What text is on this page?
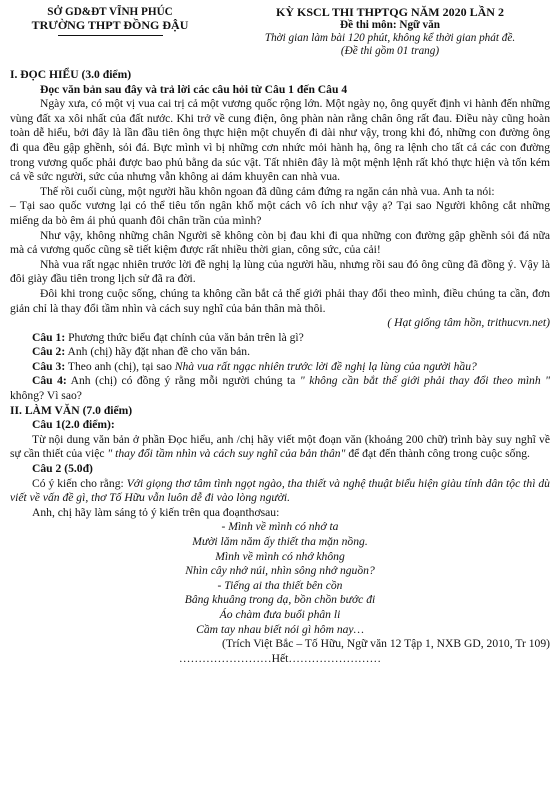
SỞ GD&ĐT VĨNH PHÚC
TRƯỜNG THPT ĐỒNG ĐẬU
KỲ KSCL THI THPTQG NĂM 2020 LẦN 2
Đề thi môn: Ngữ văn
Thời gian làm bài 120 phút, không kể thời gian phát đề.
(Đề thi gồm 01 trang)

I. ĐỌC HIỂU (3.0 điểm)

Đọc văn bản sau đây và trả lời các câu hỏi từ Câu 1 đến Câu 4

Ngày xưa, có một vị vua cai trị cả một vương quốc rộng lớn. Một ngày nọ, ông quyết định vi hành đến những vùng đất xa xôi nhất của đất nước. Khi trở về cung điện, ông phàn nàn rằng chân ông rất đau. Điều này cũng hoàn toàn dễ hiểu, bởi đây là lần đầu tiên ông thực hiện một chuyến đi dài như vậy, trong khi đó, những con đường ông đi qua đều gập ghềnh, sỏi đá. Bực mình vì bị những cơn nhức mỏi hành hạ, ông ra lệnh cho tất cả các con đường trong vương quốc phải được bao phủ bằng da súc vật. Tất nhiên đây là một mệnh lệnh rất khó thực hiện và tốn kém cả về sức người, sức của nhưng vẫn không ai dám khuyên can nhà vua.

Thế rồi cuối cùng, một người hầu khôn ngoan đã dũng cảm đứng ra ngăn cản nhà vua. Anh ta nói:

– Tại sao quốc vương lại có thể tiêu tốn ngân khố một cách vô ích như vậy ạ? Tại sao Người không cắt những miếng da bò êm ái phủ quanh đôi chân trần của mình?

Như vậy, không những chân Người sẽ không còn bị đau khi đi qua những con đường gập ghềnh sỏi đá nữa mà cả vương quốc cũng sẽ tiết kiệm được rất nhiều thời gian, công sức, của cải!

Nhà vua rất ngạc nhiên trước lời đề nghị lạ lùng của người hầu, nhưng rồi sau đó ông cũng đã đồng ý. Vậy là đôi giày đầu tiên trong lịch sử đã ra đời.

Đôi khi trong cuộc sống, chúng ta không cần bắt cả thế giới phải thay đổi theo mình, điều chúng ta cần, đơn giản chỉ là thay đổi tầm nhìn và cách suy nghĩ của bản thân mà thôi.

( Hạt giống tâm hồn, trithucvn.net)

Câu 1: Phương thức biểu đạt chính của văn bản trên là gì?

Câu 2: Anh (chị) hãy đặt nhan đề cho văn bản.

Câu 3: Theo anh (chị), tại sao Nhà vua rất ngạc nhiên trước lời đề nghị lạ lùng của người hầu?

Câu 4: Anh (chị) có đồng ý rằng mỗi người chúng ta " không cần bắt thế giới phải thay đổi theo mình " không? Vì sao?

II. LÀM VĂN (7.0 điểm)

Câu 1(2.0 điểm):

Từ nội dung văn bản ở phần Đọc hiểu, anh /chị hãy viết một đoạn văn (khoảng 200 chữ) trình bày suy nghĩ về sự cần thiết của việc " thay đổi tầm nhìn và cách suy nghĩ của bản thân" để đạt đến thành công trong cuộc sống.

Câu 2 (5.0đ)

Có ý kiến cho rằng: Với giọng thơ tâm tình ngọt ngào, tha thiết và nghệ thuật biểu hiện giàu tính dân tộc thì dù viết về vấn đề gì, thơ Tố Hữu vẫn luôn dễ đi vào lòng người.

Anh, chị hãy làm sáng tỏ ý kiến trên qua đoạnthơsau:

- Mình về mình có nhớ ta

Mười lăm năm ấy thiết tha mặn nồng.

Mình về mình có nhớ không

Nhìn cây nhớ núi, nhìn sông nhớ nguồn?

- Tiếng ai tha thiết bên cồn

Bâng khuâng trong dạ, bồn chồn bước đi

Áo chàm đưa buổi phân li

Cầm tay nhau biết nói gì hôm nay…

(Trích Việt Bắc – Tố Hữu, Ngữ văn 12 Tập 1, NXB GD, 2010, Tr 109)

……………………Hết……………………
